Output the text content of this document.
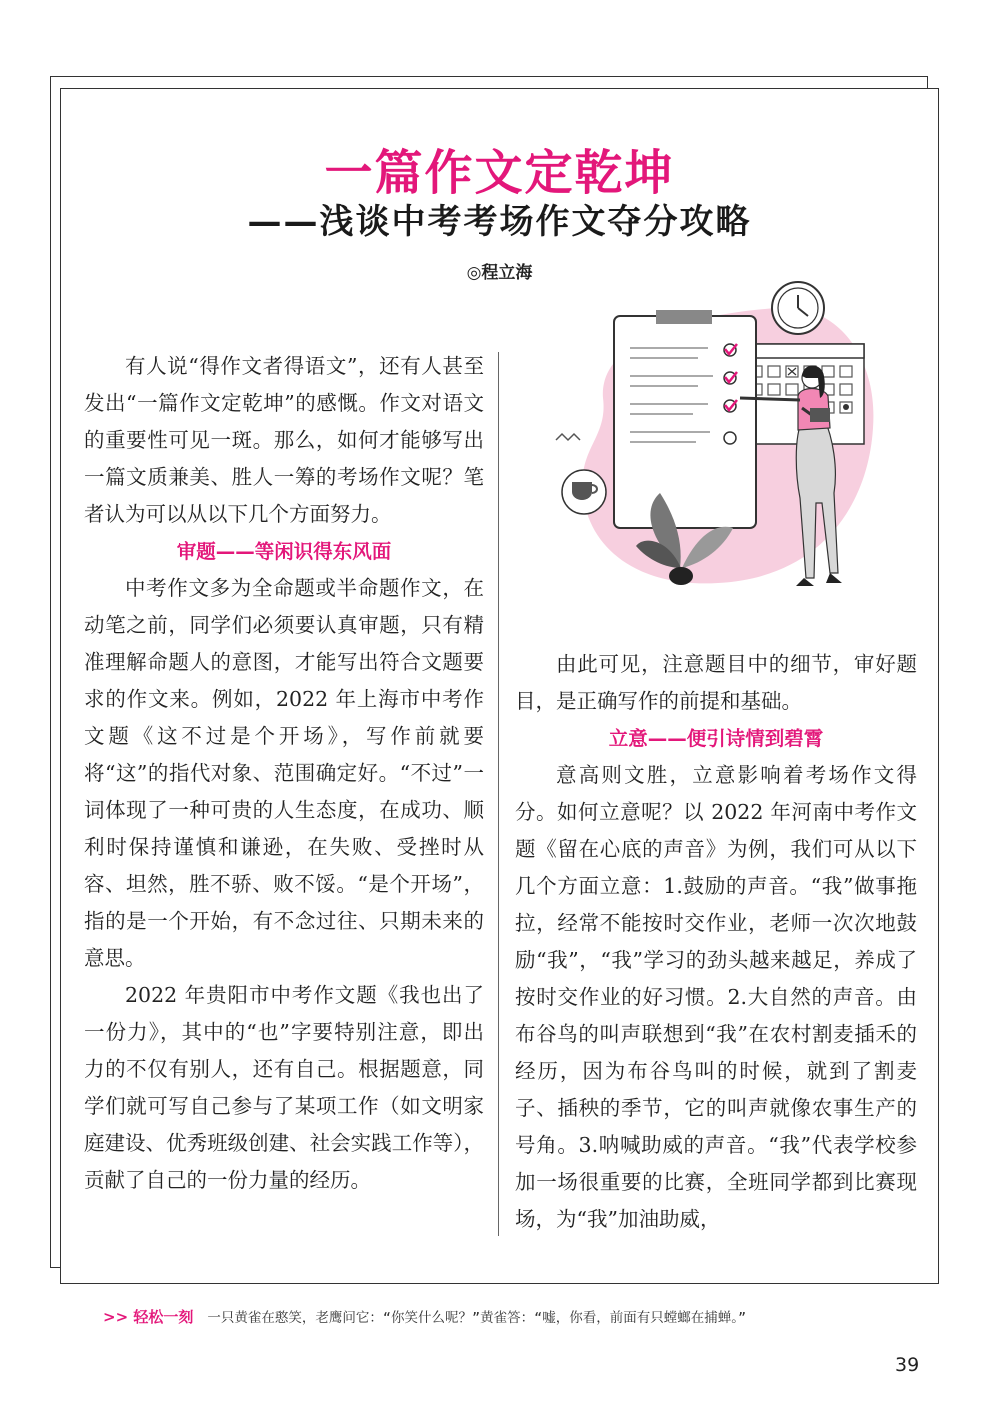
一篇作文定乾坤
——浅谈中考考场作文夺分攻略
◎程立海

有人说“得作文者得语文”，还有人甚至发出“一篇作文定乾坤”的感慨。作文对语文的重要性可见一斑。那么，如何才能够写出一篇文质兼美、胜人一筹的考场作文呢？笔者认为可以从以下几个方面努力。

审题——等闲识得东风面

中考作文多为全命题或半命题作文，在动笔之前，同学们必须要认真审题，只有精准理解命题人的意图，才能写出符合文题要求的作文来。例如，2022 年上海市中考作文题《这不过是个开场》，写作前就要将“这”的指代对象、范围确定好。“不过”一词体现了一种可贵的人生态度，在成功、顺利时保持谨慎和谦逊，在失败、受挫时从容、坦然，胜不骄、败不馁。“是个开场”，指的是一个开始，有不念过往、只期未来的意思。

2022 年贵阳市中考作文题《我也出了一份力》，其中的“也”字要特别注意，即出力的不仅有别人，还有自己。根据题意，同学们就可写自己参与了某项工作（如文明家庭建设、优秀班级创建、社会实践工作等），贡献了自己的一份力量的经历。

由此可见，注意题目中的细节，审好题目，是正确写作的前提和基础。

立意——便引诗情到碧霄

意高则文胜，立意影响着考场作文得分。如何立意呢？以 2022 年河南中考作文题《留在心底的声音》为例，我们可从以下几个方面立意：1.鼓励的声音。“我”做事拖拉，经常不能按时交作业，老师一次次地鼓励“我”，“我”学习的劲头越来越足，养成了按时交作业的好习惯。2.大自然的声音。由布谷鸟的叫声联想到“我”在农村割麦插禾的经历，因为布谷鸟叫的时候，就到了割麦子、插秧的季节，它的叫声就像农事生产的号角。3.呐喊助威的声音。“我”代表学校参加一场很重要的比赛，全班同学都到比赛现场，为“我”加油助威，

>> 轻松一刻 一只黄雀在憨笑，老鹰问它：“你笑什么呢？”黄雀答：“嘘，你看，前面有只螳螂在捕蝉。”
39
